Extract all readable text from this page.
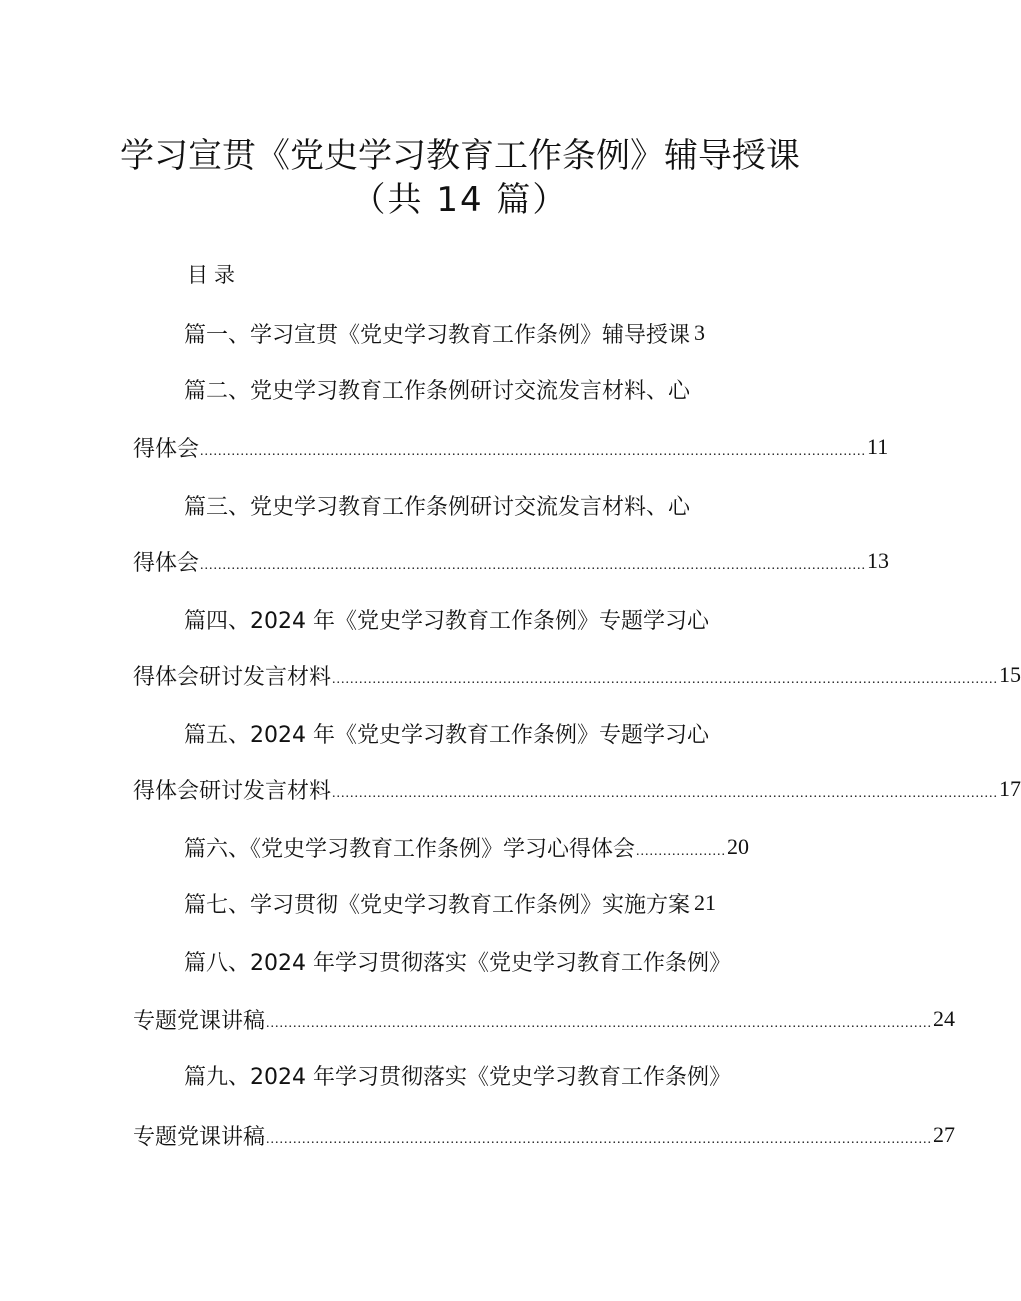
学习宣贯《党史学习教育工作条例》辅导授课
（共 14 篇）
目录
篇一、学习宣贯《党史学习教育工作条例》辅导授课 3
篇二、党史学习教育工作条例研讨交流发言材料、心
得体会 .................................................................................................................................................... 11
篇三、党史学习教育工作条例研讨交流发言材料、心
得体会 .................................................................................................................................................... 13
篇四、2024 年《党史学习教育工作条例》专题学习心
得体会研讨发言材料 .................................................................................................................................................... 15
篇五、2024 年《党史学习教育工作条例》专题学习心
得体会研讨发言材料 .................................................................................................................................................... 17
篇六、《党史学习教育工作条例》学习心得体会 .................... 20
篇七、学习贯彻《党史学习教育工作条例》实施方案 21
篇八、2024 年学习贯彻落实《党史学习教育工作条例》
专题党课讲稿 .................................................................................................................................................... 24
篇九、2024 年学习贯彻落实《党史学习教育工作条例》
专题党课讲稿 .................................................................................................................................................... 27
